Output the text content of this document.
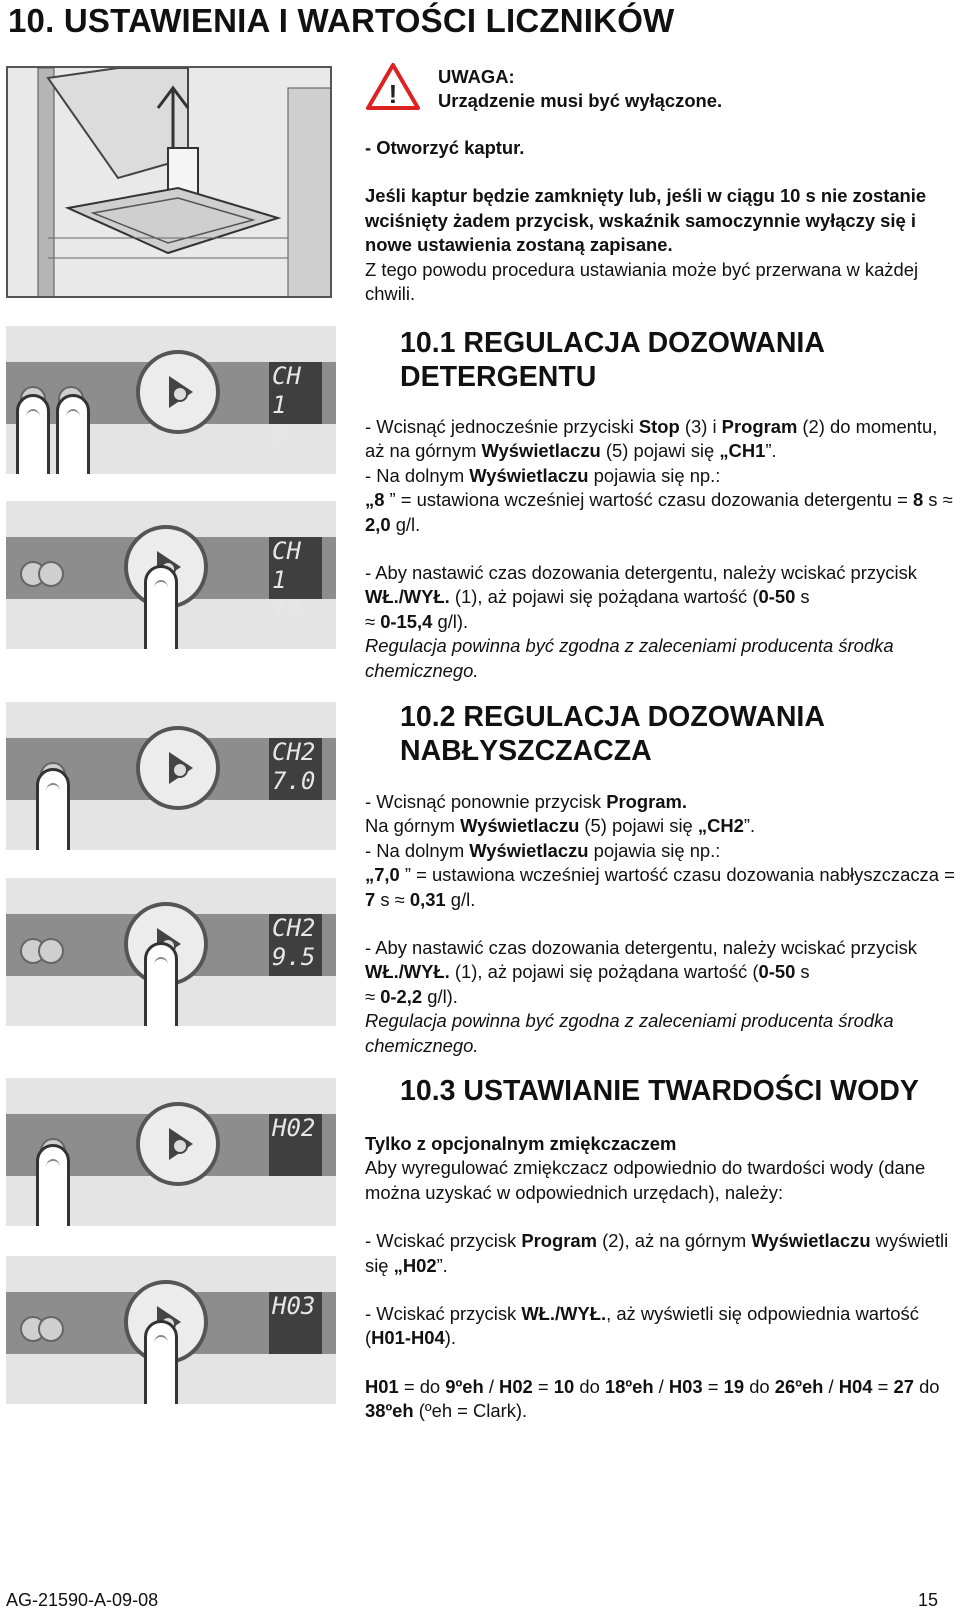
10. USTAWIENIA I WARTOŚCI LICZNIKÓW
!

UWAGA:

Urządzenie musi być wyłączone.

- Otworzyć kaptur.

Jeśli kaptur będzie zamknięty lub, jeśli w ciągu 10 s nie zostanie wciśnięty żadem przycisk, wskaźnik samoczynnie wyłączy się i nowe ustawienia zostaną zapisane.

Z tego powodu procedura ustawiania może być przerwana w każdej chwili.

10.1 REGULACJA DOZOWANIA
DETERGENTU

- Wcisnąć jednocześnie przyciski Stop (3) i Program (2) do momentu, aż na górnym Wyświetlaczu (5) pojawi się „CH1”.

- Na dolnym Wyświetlaczu pojawia się np.:

„8 ” = ustawiona wcześniej wartość czasu dozowania detergentu = 8 s ≈ 2,0 g/l.

- Aby nastawić czas dozowania detergentu, należy wciskać przycisk WŁ./WYŁ. (1), aż pojawi się pożądana wartość (0-50 s
≈ 0-15,4 g/l).

Regulacja powinna być zgodna z zaleceniami producenta środka chemicznego.

10.2 REGULACJA DOZOWANIA
NABŁYSZCZACZA

- Wcisnąć ponownie przycisk Program.

Na górnym Wyświetlaczu (5) pojawi się „CH2”.

- Na dolnym Wyświetlaczu pojawia się np.:

„7,0 ” = ustawiona wcześniej wartość czasu dozowania nabłyszczacza = 7 s ≈ 0,31 g/l.

- Aby nastawić czas dozowania detergentu, należy wciskać przycisk WŁ./WYŁ. (1), aż pojawi się pożądana wartość (0-50 s
≈ 0-2,2 g/l).

Regulacja powinna być zgodna z zaleceniami producenta środka chemicznego.

10.3 USTAWIANIE TWARDOŚCI WODY

Tylko z opcjonalnym zmiękczaczem

Aby wyregulować zmiękczacz odpowiednio do twardości wody (dane można uzyskać w odpowiednich urzędach), należy:

- Wciskać przycisk Program (2), aż na górnym Wyświetlaczu wyświetli się „H02”.

- Wciskać przycisk WŁ./WYŁ., aż wyświetli się odpowiednia wartość (H01-H04).

H01 = do 9ºeh / H02 = 10 do 18ºeh / H03 = 19 do 26ºeh / H04 = 27 do 38ºeh (ºeh = Clark).

CH 1
8
CH 1
10
CH2
7.0
CH2
9.5
H02
H03
AG-21590-A-09-08	15
